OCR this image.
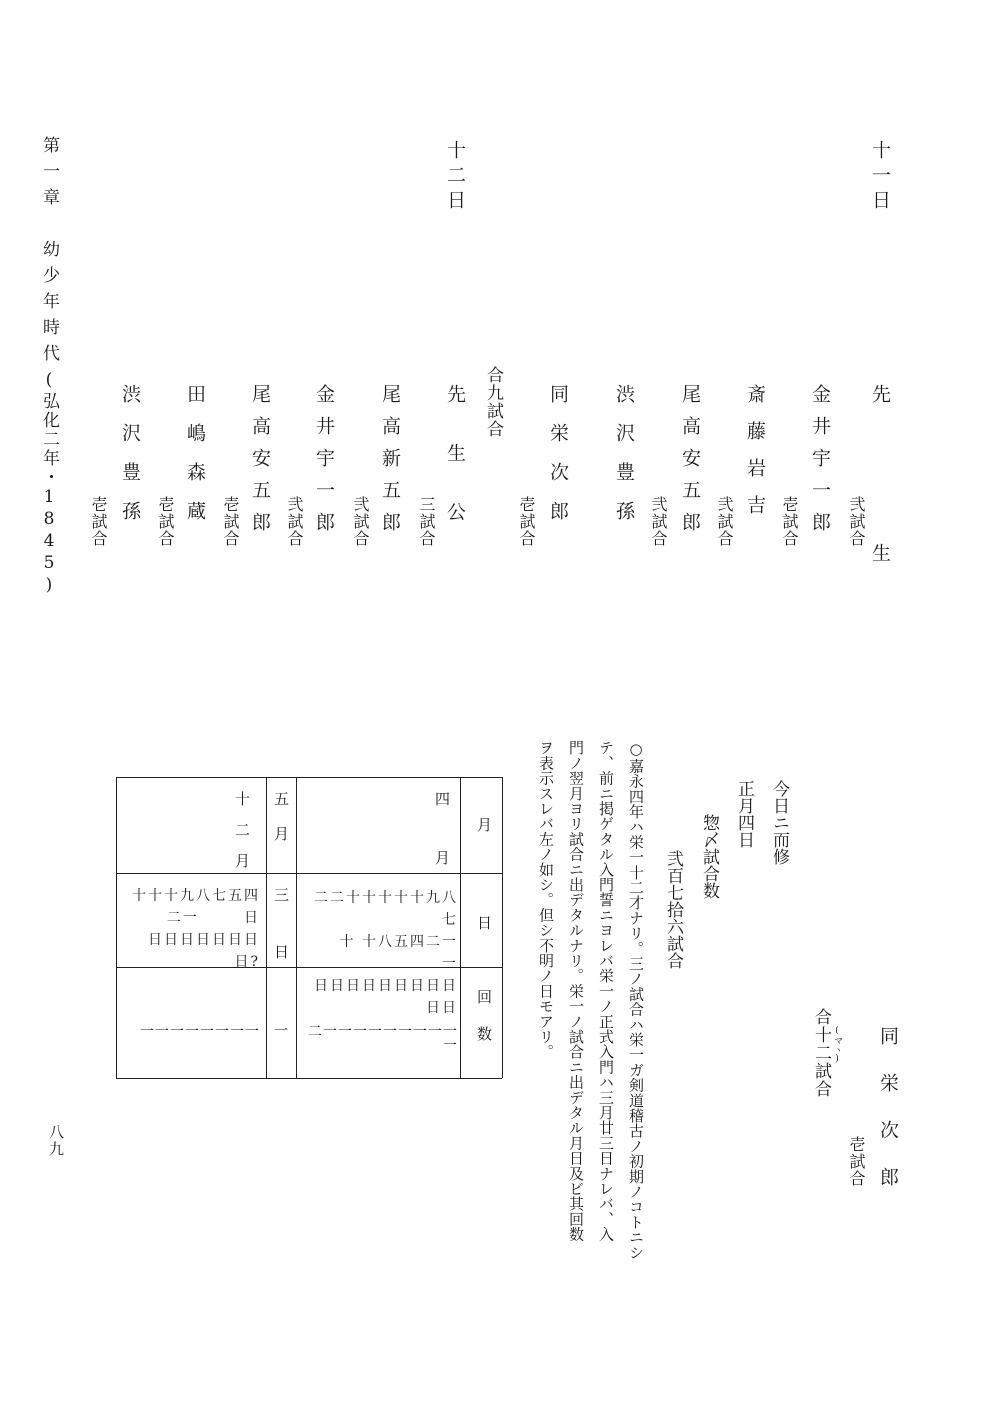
第一章
幼少年時代
(弘化二年・1845)
八九
十一日
先生
金井宇一郎 弐試合
斎藤岩吉 壱試合
尾高安五郎 弐試合
渋沢豊孫 弐試合
同栄次郎
壱試合
合九試合
十二日
先生公
尾高新五郎 三試合
金井宇一郎 弐試合
尾高安五郎 弐試合
田嶋森蔵 壱試合
渋沢豊孫 壱試合
壱試合
同栄次郎
壱試合
合十二試合 (マヽ)
今日ニ而修
正月四日
惣〆試合数
弐百七拾六試合
○嘉永四年ハ栄一十二才ナリ。三ノ試合ハ栄一ガ剣道稽古ノ初期ノコトニシ
テ、前ニ掲ゲタル入門誓ニヨレバ栄一ノ正式入門ハ三月廿三日ナレバ、入
門ノ翌月ヨリ試合ニ出デタルナリ。栄一ノ試合ニ出デタル月日及ビ其回数
ヲ表示スレバ左ノ如シ。但シ不明ノ日モアリ。
月
日
回数
四月
二二十十十十十九八七
十 十八五四二一
一
日日日日日日日日日日日
二一一一一一一一一一一
五月
三日
一
十二月
十十十九八七五四
二一       日
日日日日日日日日?
一一一一一一一一
